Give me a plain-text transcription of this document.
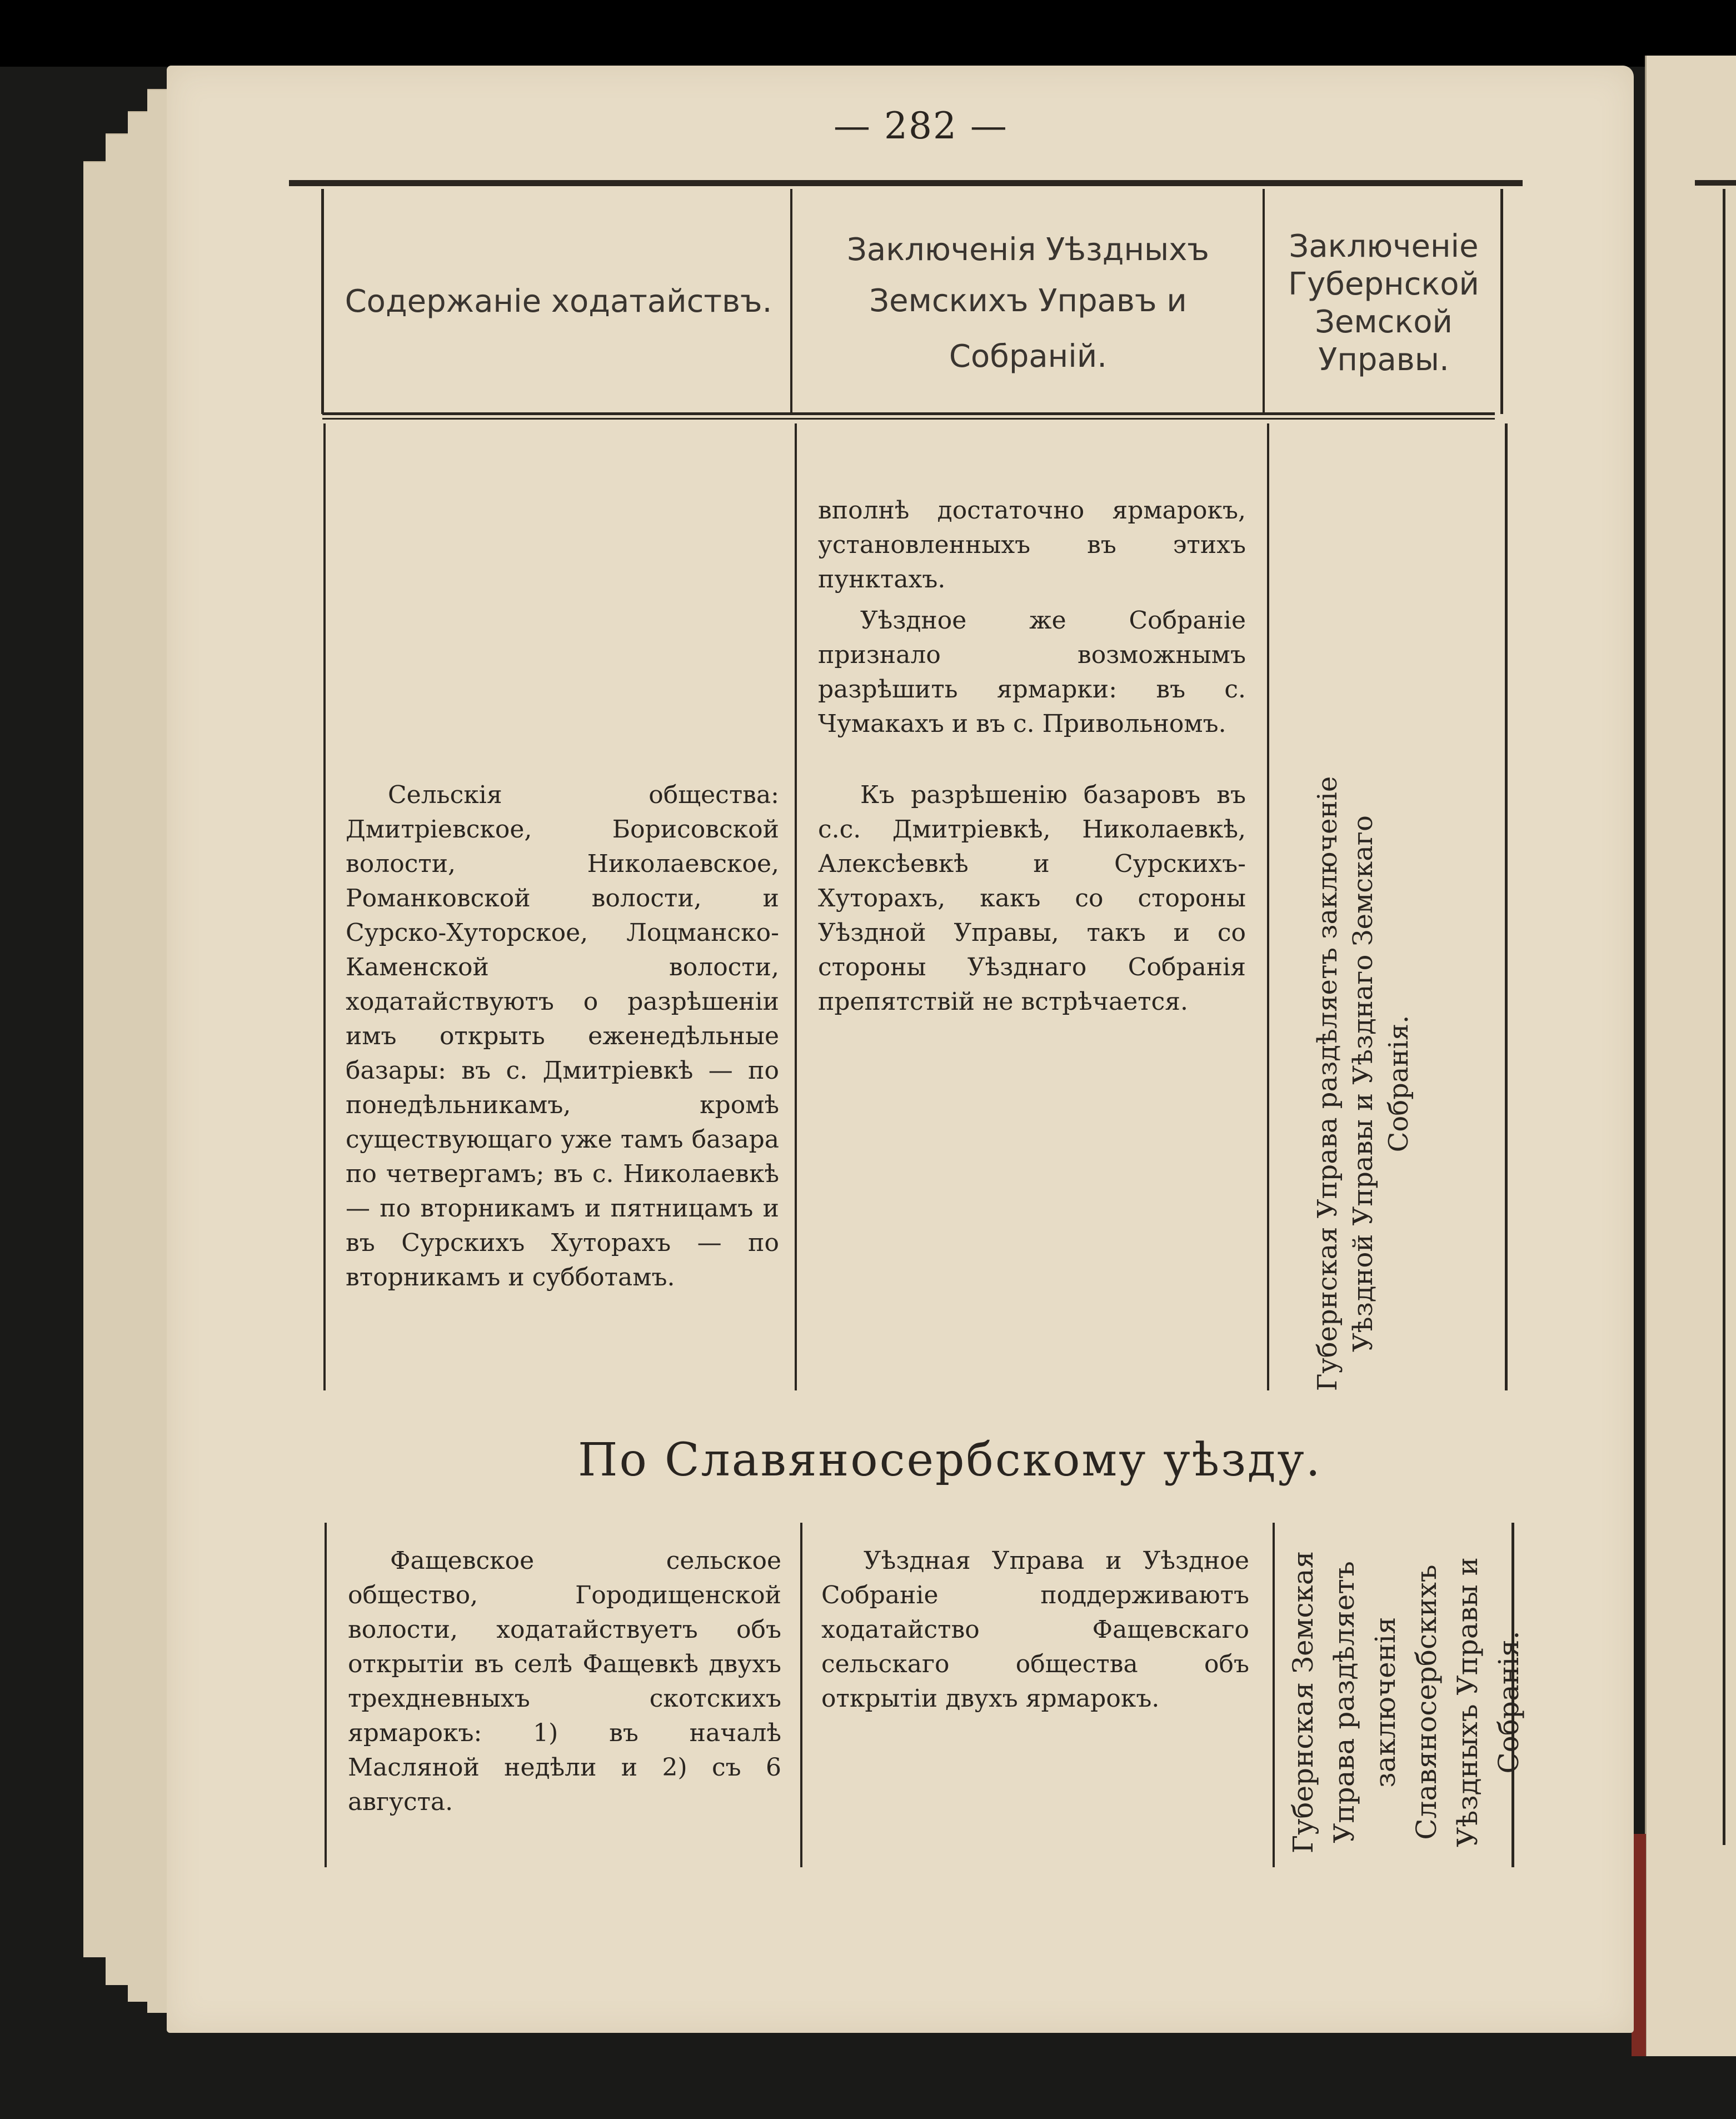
— 282 —
Содержаніе ходатайствъ.
Заключенія Уѣздныхъ
Земскихъ Управъ и
Собраній.
Заключеніе
Губернской
Земской
Управы.

вполнѣ достаточно ярмарокъ, установленныхъ въ этихъ пунктахъ.

Уѣздное же Собраніе признало возможнымъ разрѣшить ярмарки: въ с. Чумакахъ и въ с. Привольномъ.

Сельскія общества: Дмитріевское, Борисовской волости, Николаевское, Романковской волости, и Сурско-Хуторское, Лоцманско-Каменской волости, ходатайствуютъ о разрѣшеніи имъ открыть еженедѣльные базары: въ с. Дмитріевкѣ — по понедѣльникамъ, кромѣ существующаго уже тамъ базара по четвергамъ; въ с. Николаевкѣ — по вторникамъ и пятницамъ и въ Сурскихъ Хуторахъ — по вторникамъ и субботамъ.

Къ разрѣшенію базаровъ въ с.с. Дмитріевкѣ, Николаевкѣ, Алексѣевкѣ и Сурскихъ-Хуторахъ, какъ со стороны Уѣздной Управы, такъ и со стороны Уѣзднаго Собранія препятствій не встрѣчается.	Губернская Управа раздѣляетъ заключеніе Уѣздной Управы и Уѣзднаго Земскаго Собранія.
По Славяносербскому уѣзду.

Фащевское сельское общество, Городищенской волости, ходатайствуетъ объ открытіи въ селѣ Фащевкѣ двухъ трехдневныхъ скотскихъ ярмарокъ: 1) въ началѣ Масляной недѣли и 2) съ 6 августа.

Уѣздная Управа и Уѣздное Собраніе поддерживаютъ ходатайство Фащевскаго сельскаго общества объ открытіи двухъ ярмарокъ.	Губернская Земская Управа раздѣляетъ заключенія Славяносербскихъ Уѣздныхъ Управы и Собранія.
